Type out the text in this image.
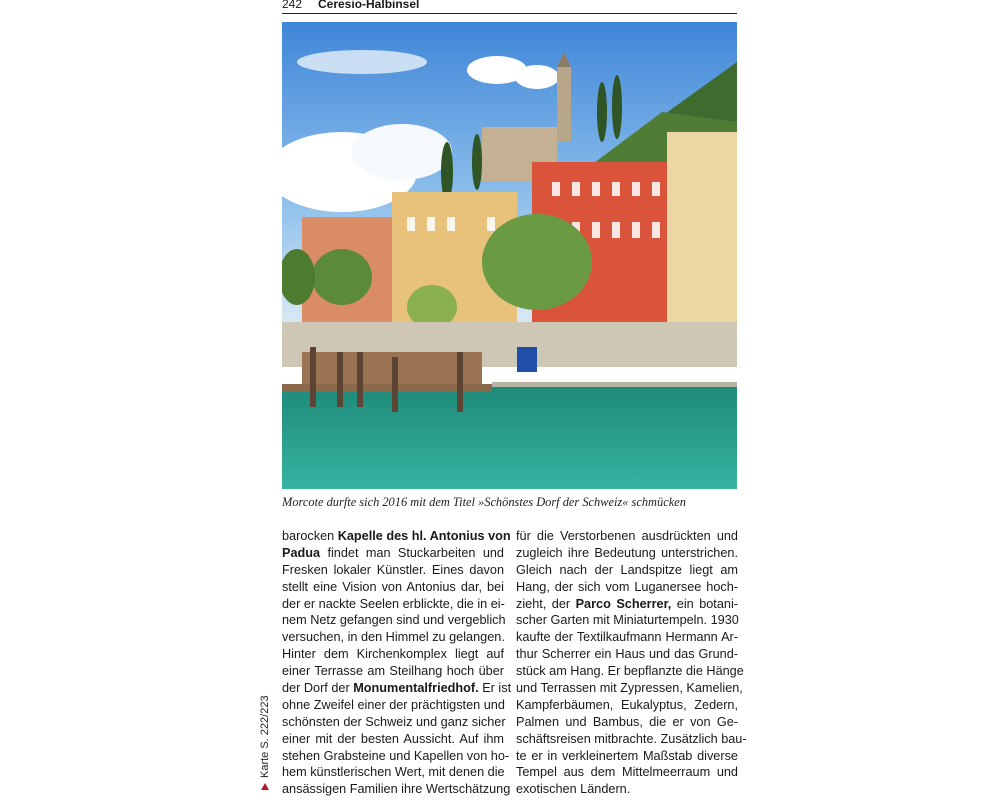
242 Ceresio-Halbinsel
Morcote durfte sich 2016 mit dem Titel »Schönstes Dorf der Schweiz« schmücken
barocken Kapelle des hl. Antonius von
Padua findet man Stuckarbeiten und
Fresken lokaler Künstler. Eines davon
stellt eine Vision von Antonius dar, bei
der er nackte Seelen erblickte, die in ei-
nem Netz gefangen sind und vergeblich
versuchen, in den Himmel zu gelangen.
Hinter dem Kirchenkomplex liegt auf
einer Terrasse am Steilhang hoch über
der Dorf der Monumentalfriedhof. Er ist
ohne Zweifel einer der prächtigsten und
schönsten der Schweiz und ganz sicher
einer mit der besten Aussicht. Auf ihm
stehen Grabsteine und Kapellen von ho-
hem künstlerischen Wert, mit denen die
ansässigen Familien ihre Wertschätzung
für die Verstorbenen ausdrückten und
zugleich ihre Bedeutung unterstrichen.
Gleich nach der Landspitze liegt am
Hang, der sich vom Luganersee hoch-
zieht, der Parco Scherrer, ein botani-
scher Garten mit Miniaturtempeln. 1930
kaufte der Textilkaufmann Hermann Ar-
thur Scherrer ein Haus und das Grund-
stück am Hang. Er bepflanzte die Hänge
und Terrassen mit Zypressen, Kamelien,
Kampferbäumen, Eukalyptus, Zedern,
Palmen und Bambus, die er von Ge-
schäftsreisen mitbrachte. Zusätzlich bau-
te er in verkleinertem Maßstab diverse
Tempel aus dem Mittelmeerraum und
exotischen Ländern.
Karte S. 222/223
